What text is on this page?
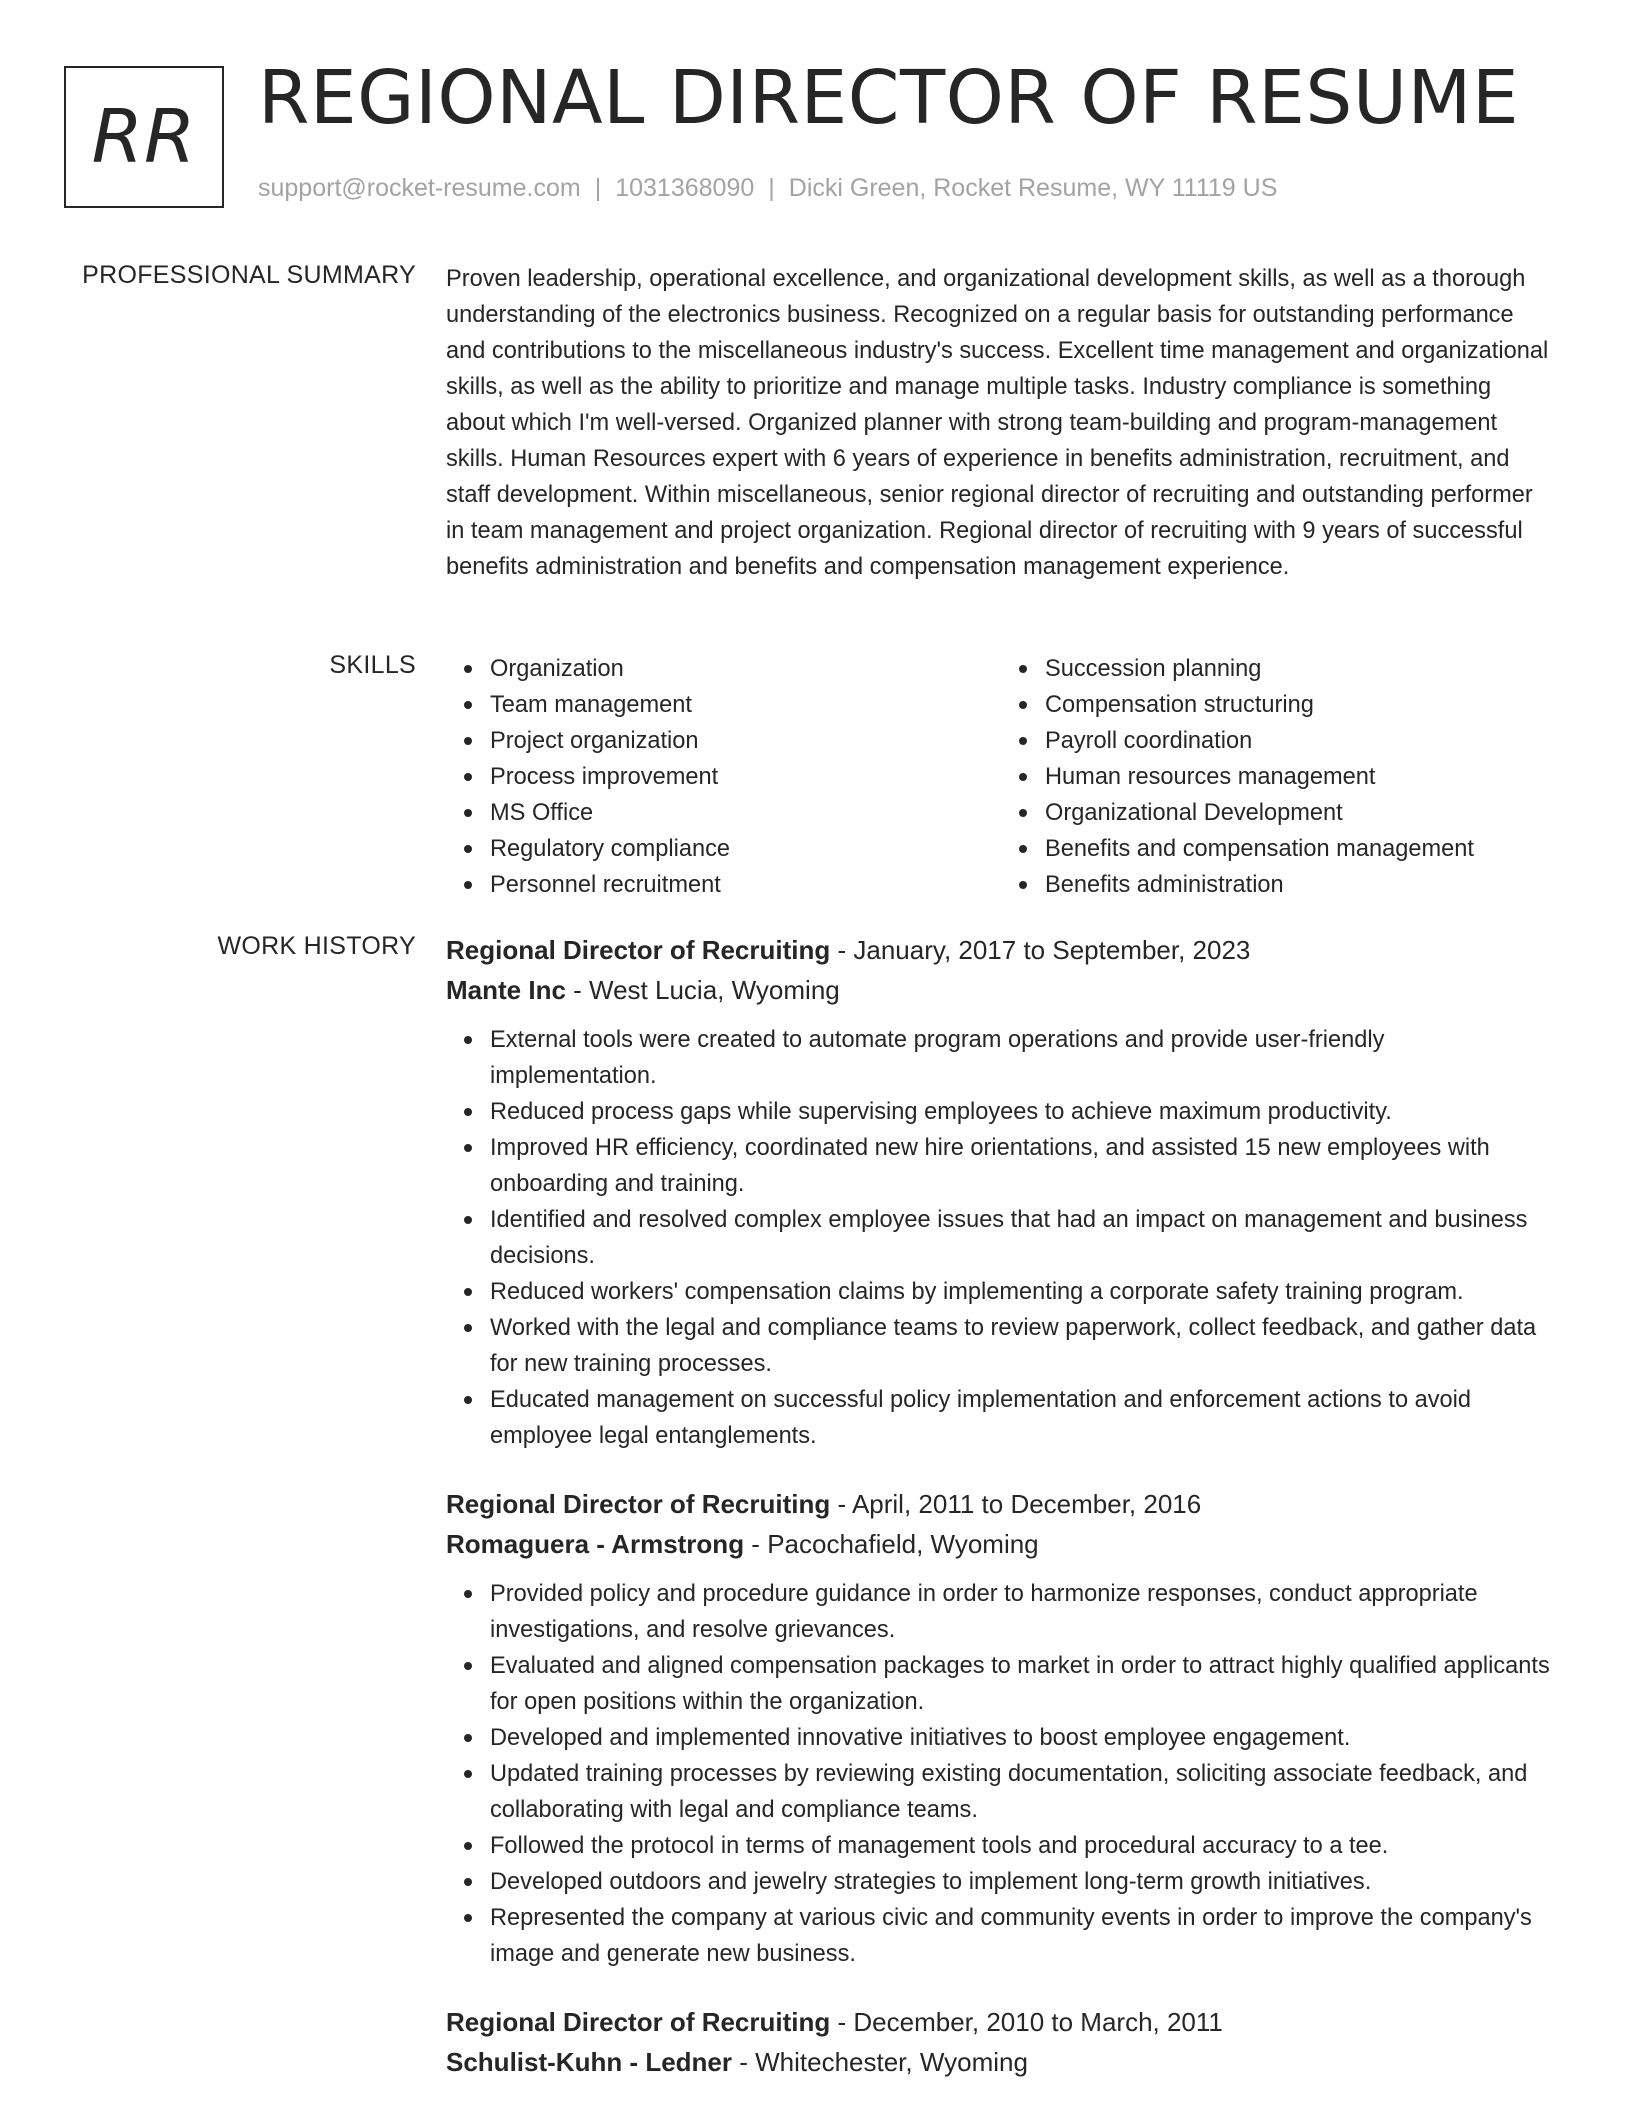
RR REGIONAL DIRECTOR OF RESUME
support@rocket-resume.com | 1031368090 | Dicki Green, Rocket Resume, WY 11119 US
PROFESSIONAL SUMMARY Proven leadership, operational excellence, and organizational development skills, as well as a thorough understanding of the electronics business. Recognized on a regular basis for outstanding performance and contributions to the miscellaneous industry's success. Excellent time management and organizational skills, as well as the ability to prioritize and manage multiple tasks. Industry compliance is something about which I'm well-versed. Organized planner with strong team-building and program-management skills. Human Resources expert with 6 years of experience in benefits administration, recruitment, and staff development. Within miscellaneous, senior regional director of recruiting and outstanding performer in team management and project organization. Regional director of recruiting with 9 years of successful benefits administration and benefits and compensation management experience.

SKILLS	Organization
Team management
Project organization
Process improvement
MS Office
Regulatory compliance
Personnel recruitment
Succession planning
Compensation structuring
Payroll coordination
Human resources management
Organizational Development
Benefits and compensation management
Benefits administration
WORK HISTORY Regional Director of Recruiting - January, 2017 to September, 2023
Mante Inc - West Lucia, Wyoming
External tools were created to automate program operations and provide user-friendly implementation.
Reduced process gaps while supervising employees to achieve maximum productivity.
Improved HR efficiency, coordinated new hire orientations, and assisted 15 new employees with onboarding and training.
Identified and resolved complex employee issues that had an impact on management and business decisions.
Reduced workers' compensation claims by implementing a corporate safety training program.
Worked with the legal and compliance teams to review paperwork, collect feedback, and gather data for new training processes.
Educated management on successful policy implementation and enforcement actions to avoid employee legal entanglements.
Regional Director of Recruiting - April, 2011 to December, 2016
Romaguera - Armstrong - Pacochafield, Wyoming
Provided policy and procedure guidance in order to harmonize responses, conduct appropriate investigations, and resolve grievances.
Evaluated and aligned compensation packages to market in order to attract highly qualified applicants for open positions within the organization.
Developed and implemented innovative initiatives to boost employee engagement.
Updated training processes by reviewing existing documentation, soliciting associate feedback, and collaborating with legal and compliance teams.
Followed the protocol in terms of management tools and procedural accuracy to a tee.
Developed outdoors and jewelry strategies to implement long-term growth initiatives.
Represented the company at various civic and community events in order to improve the company's image and generate new business.
Regional Director of Recruiting - December, 2010 to March, 2011
Schulist-Kuhn - Ledner - Whitechester, Wyoming
